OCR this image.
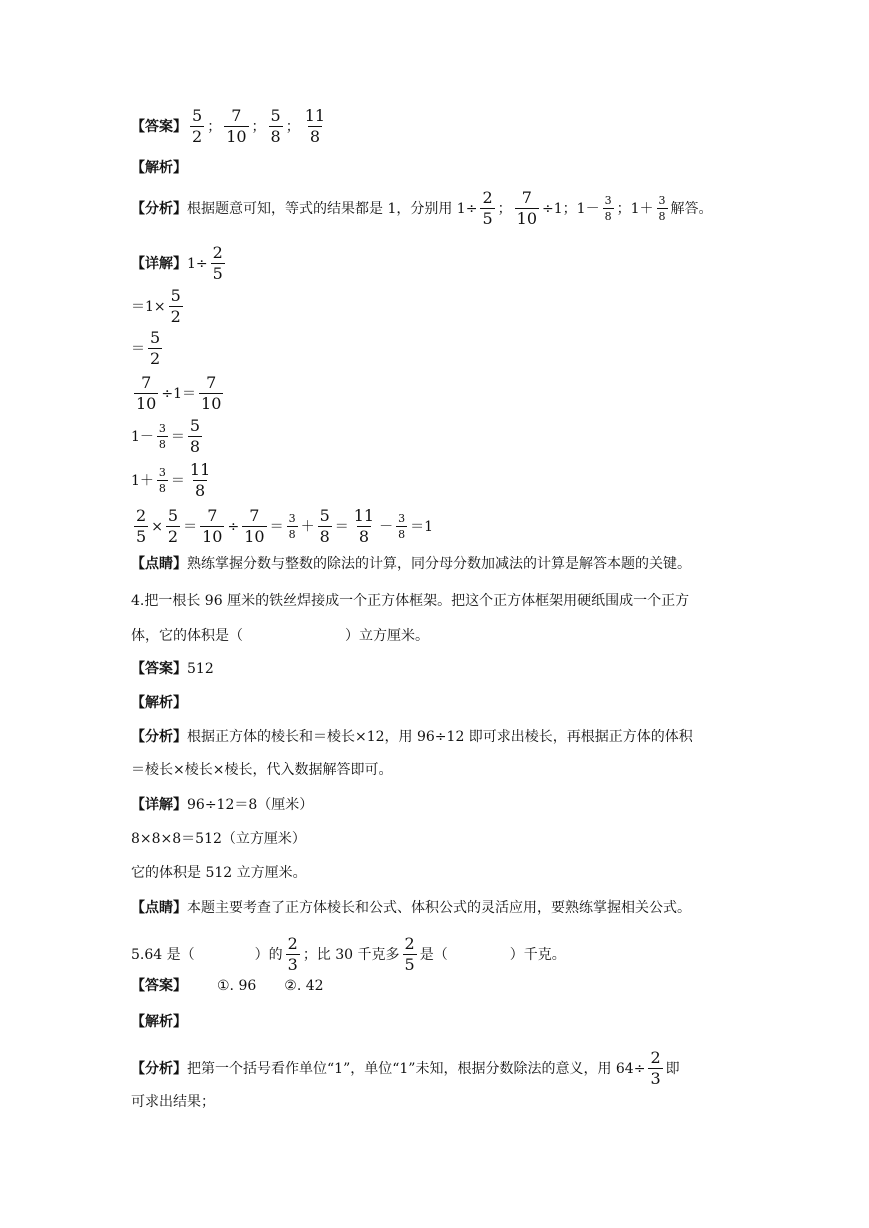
【答案】
5
2
；
7
10
；
5
8
；
11
8
【解析】
【分析】 根据题意可知，等式的结果都是 1，分别用 $1\div \frac{2}{5}$ ； $\frac{7}{10} \div 1$ ； 1 － 3
8 ； 1 ＋ 3
8 解答。
【详解】 $1 \div \frac{2}{5}$
＝ $1 \times \frac{5}{2}$
＝
5
2
$\frac{7}{10} \div 1$ ＝
7
10
1 － 3
8 ＝
5
8
1 ＋ 3
8 ＝
11
8
$\frac{2}{5} \times \frac{5}{2} = \frac{7}{10} \div \frac{7}{10} = 3$
8 ＋
5
8
＝
11
8
－ 3
8 ＝ 1
【点睛】 熟练掌握分数与整数的除法的计算，同分母分数加减法的计算是解答本题的关键。
4.把一根长 96 厘米的铁丝焊接成一个正方体框架。把这个正方体框架用硬纸围成一个正方
体，它的体积是（	）立方厘米。
【答案】 512
【解析】
【分析】 根据正方体的棱长和＝棱长×12，用 96÷12 即可求出棱长，再根据正方体的体积
＝棱长×棱长×棱长，代入数据解答即可。
【详解】 96÷12＝8（厘米）
8×8×8＝512（立方厘米）
它的体积是 512 立方厘米。
【点睛】 本题主要考查了正方体棱长和公式、体积公式的灵活应用，要熟练掌握相关公式。
5.64 是（	）的
2
3
；比 30 千克多
2
5
是（	）千克。
【答案】 ①. 96 ②. 42
【解析】
【分析】 把第一个括号看作单位“1”，单位“1”未知，根据分数除法的意义，用 $64\div \frac{2}{3}$ 即
可求出结果；
